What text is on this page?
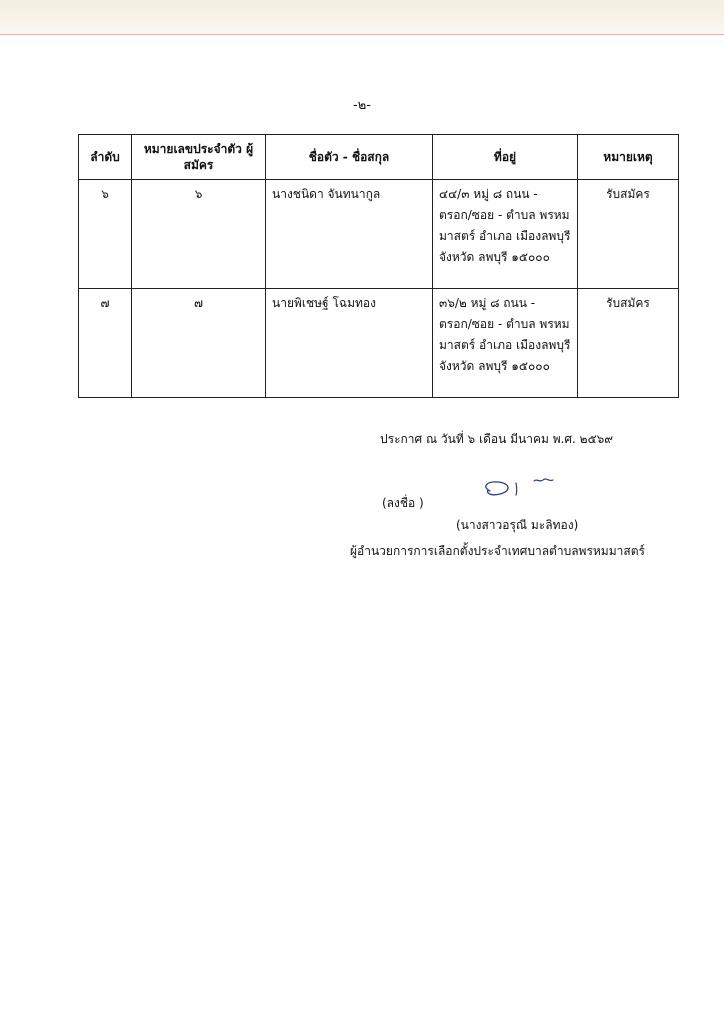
-๒-
ลำดับ	หมายเลขประจำตัว ผู้สมัคร	ชื่อตัว - ชื่อสกุล	ที่อยู่	หมายเหตุ
๖	๖	นางชนิดา จันทนากูล	๔๔/๓ หมู่ ๘ ถนน - ตรอก/ซอย - ตำบล พรหมมาสตร์ อำเภอ เมืองลพบุรี จังหวัด ลพบุรี ๑๕๐๐๐	รับสมัคร
๗	๗	นายพิเชษฐ์ โฉมทอง	๓๖/๒ หมู่ ๘ ถนน - ตรอก/ซอย - ตำบล พรหมมาสตร์ อำเภอ เมืองลพบุรี จังหวัด ลพบุรี ๑๕๐๐๐	รับสมัคร
ประกาศ ณ วันที่ ๖ เดือน มีนาคม พ.ศ. ๒๕๖๙
(ลงชื่อ )
(นางสาวอรุณี มะลิทอง)
ผู้อำนวยการการเลือกตั้งประจำเทศบาลตำบลพรหมมาสตร์
